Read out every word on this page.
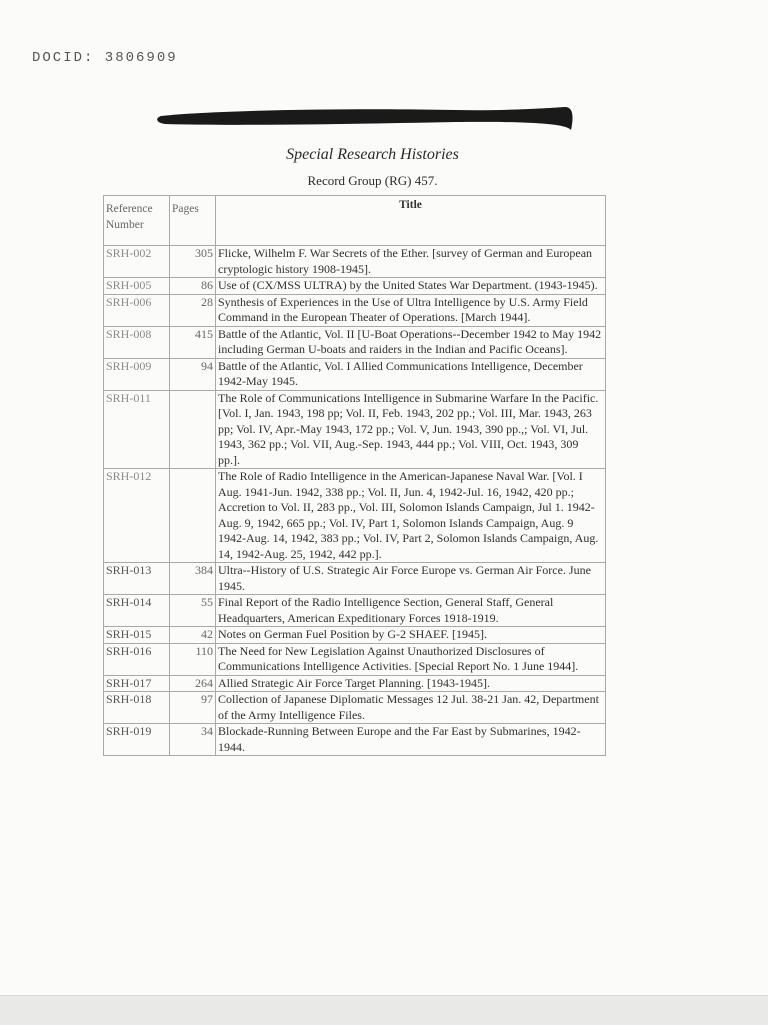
DOCID: 3806909
Special Research Histories
Record Group (RG) 457.
Reference Number	Pages	Title
SRH-002	305	Flicke, Wilhelm F. War Secrets of the Ether. [survey of German and European cryptologic history 1908-1945].
SRH-005	86	Use of (CX/MSS ULTRA) by the United States War Department. (1943-1945).
SRH-006	28	Synthesis of Experiences in the Use of Ultra Intelligence by U.S. Army Field Command in the European Theater of Operations. [March 1944].
SRH-008	415	Battle of the Atlantic, Vol. II [U-Boat Operations--December 1942 to May 1942 including German U-boats and raiders in the Indian and Pacific Oceans].
SRH-009	94	Battle of the Atlantic, Vol. I Allied Communications Intelligence, December 1942-May 1945.
SRH-011		The Role of Communications Intelligence in Submarine Warfare In the Pacific. [Vol. I, Jan. 1943, 198 pp; Vol. II, Feb. 1943, 202 pp.; Vol. III, Mar. 1943, 263 pp; Vol. IV, Apr.-May 1943, 172 pp.; Vol. V, Jun. 1943, 390 pp.,; Vol. VI, Jul. 1943, 362 pp.; Vol. VII, Aug.-Sep. 1943, 444 pp.; Vol. VIII, Oct. 1943, 309 pp.].
SRH-012		The Role of Radio Intelligence in the American-Japanese Naval War. [Vol. I Aug. 1941-Jun. 1942, 338 pp.; Vol. II, Jun. 4, 1942-Jul. 16, 1942, 420 pp.; Accretion to Vol. II, 283 pp., Vol. III, Solomon Islands Campaign, Jul 1. 1942-Aug. 9, 1942, 665 pp.; Vol. IV, Part 1, Solomon Islands Campaign, Aug. 9 1942-Aug. 14, 1942, 383 pp.; Vol. IV, Part 2, Solomon Islands Campaign, Aug. 14, 1942-Aug. 25, 1942, 442 pp.].
SRH-013	384	Ultra--History of U.S. Strategic Air Force Europe vs. German Air Force. June 1945.
SRH-014	55	Final Report of the Radio Intelligence Section, General Staff, General Headquarters, American Expeditionary Forces 1918-1919.
SRH-015	42	Notes on German Fuel Position by G-2 SHAEF. [1945].
SRH-016	110	The Need for New Legislation Against Unauthorized Disclosures of Communications Intelligence Activities. [Special Report No. 1 June 1944].
SRH-017	264	Allied Strategic Air Force Target Planning. [1943-1945].
SRH-018	97	Collection of Japanese Diplomatic Messages 12 Jul. 38-21 Jan. 42, Department of the Army Intelligence Files.
SRH-019	34	Blockade-Running Between Europe and the Far East by Submarines, 1942-1944.
